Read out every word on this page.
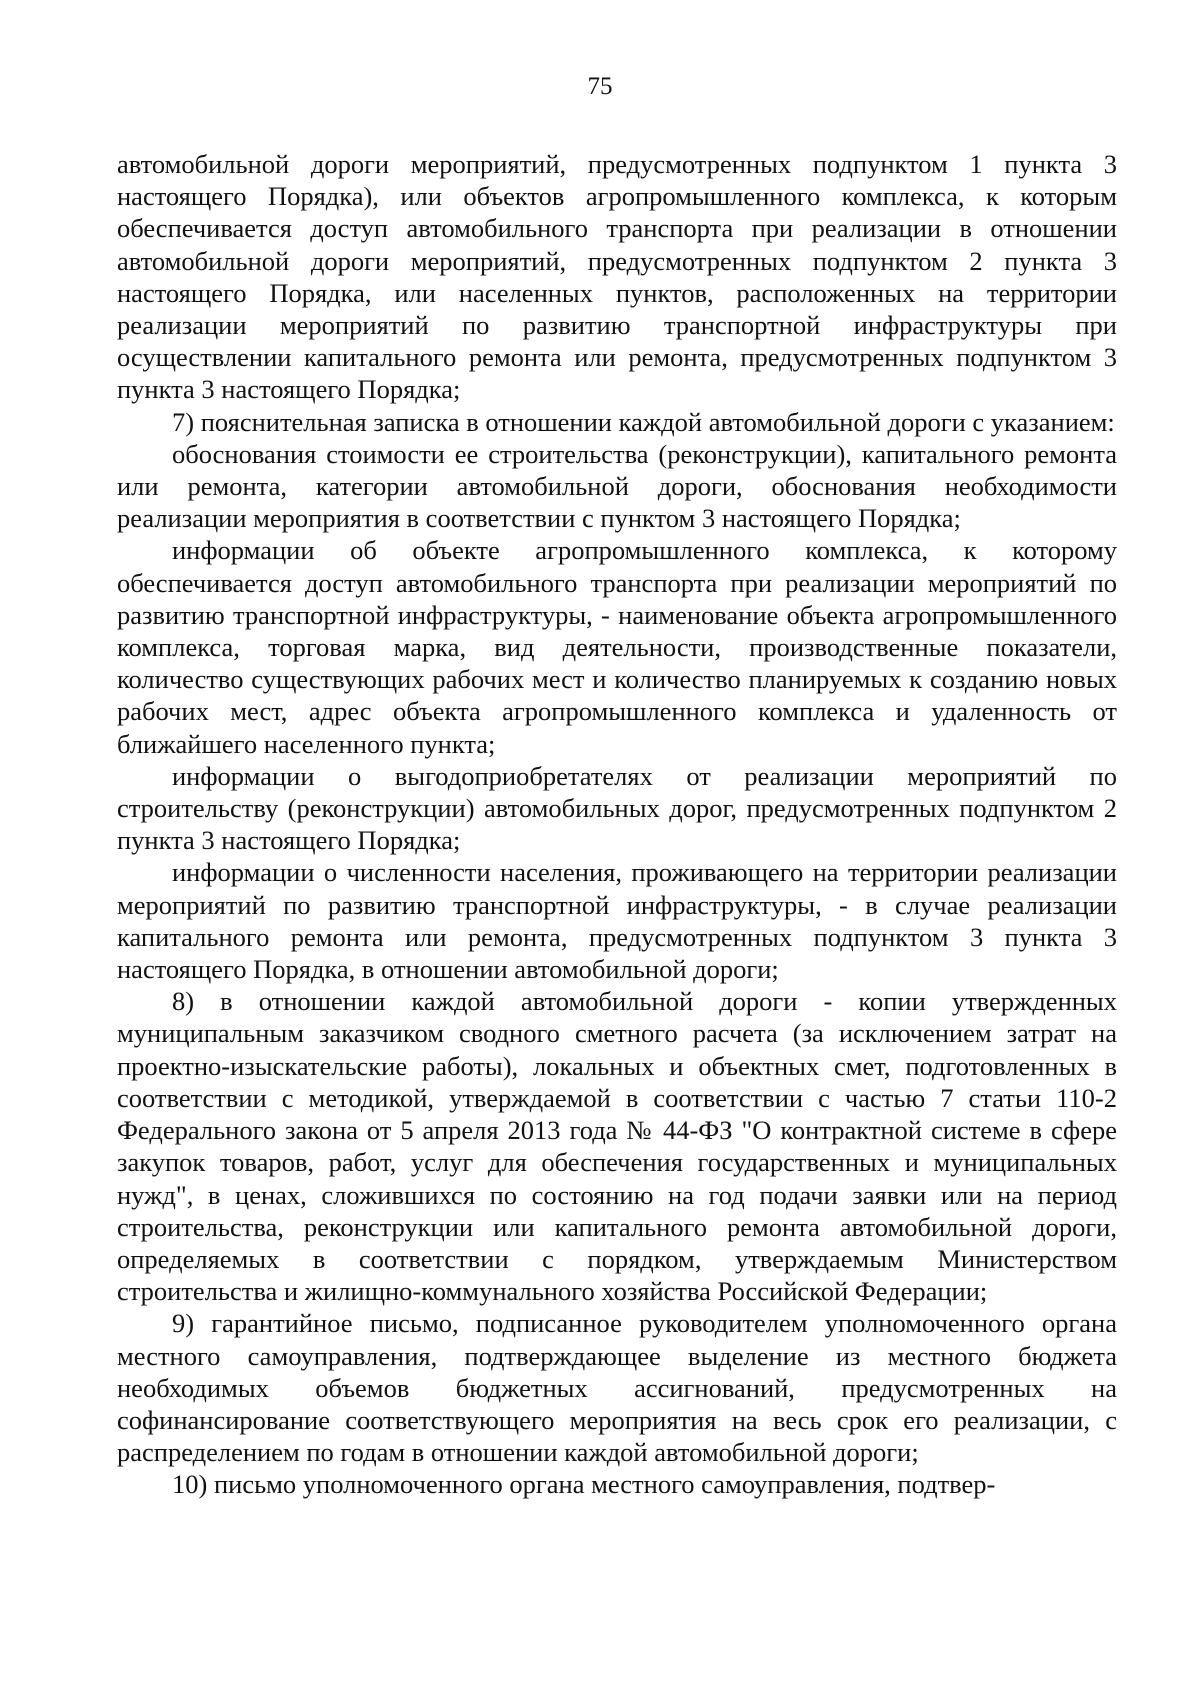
75

автомобильной дороги мероприятий, предусмотренных подпунктом 1 пункта 3 настоящего Порядка), или объектов агропромышленного комплекса, к которым обеспечивается доступ автомобильного транспорта при реализации в отношении автомобильной дороги мероприятий, предусмотренных подпунктом 2 пункта 3 настоящего Порядка, или населенных пунктов, расположенных на территории реализации мероприятий по развитию транспортной инфраструктуры при осуществлении капитального ремонта или ремонта, предусмотренных подпунктом 3 пункта 3 настоящего Порядка;

7) пояснительная записка в отношении каждой автомобильной дороги с указанием:

обоснования стоимости ее строительства (реконструкции), капитального ремонта или ремонта, категории автомобильной дороги, обоснования необходимости реализации мероприятия в соответствии с пунктом 3 настоящего Порядка;

информации об объекте агропромышленного комплекса, к которому обеспечивается доступ автомобильного транспорта при реализации мероприятий по развитию транспортной инфраструктуры, - наименование объекта агропромышленного комплекса, торговая марка, вид деятельности, производственные показатели, количество существующих рабочих мест и количество планируемых к созданию новых рабочих мест, адрес объекта агропромышленного комплекса и удаленность от ближайшего населенного пункта;

информации о выгодоприобретателях от реализации мероприятий по строительству (реконструкции) автомобильных дорог, предусмотренных подпунктом 2 пункта 3 настоящего Порядка;

информации о численности населения, проживающего на территории реализации мероприятий по развитию транспортной инфраструктуры, - в случае реализации капитального ремонта или ремонта, предусмотренных подпунктом 3 пункта 3 настоящего Порядка, в отношении автомобильной дороги;

8) в отношении каждой автомобильной дороги - копии утвержденных муниципальным заказчиком сводного сметного расчета (за исключением затрат на проектно-изыскательские работы), локальных и объектных смет, подготовленных в соответствии с методикой, утверждаемой в соответствии с частью 7 статьи 110-2 Федерального закона от 5 апреля 2013 года № 44-ФЗ "О контрактной системе в сфере закупок товаров, работ, услуг для обеспечения государственных и муниципальных нужд", в ценах, сложившихся по состоянию на год подачи заявки или на период строительства, реконструкции или капитального ремонта автомобильной дороги, определяемых в соответствии с порядком, утверждаемым Министерством строительства и жилищно-коммунального хозяйства Российской Федерации;

9) гарантийное письмо, подписанное руководителем уполномоченного органа местного самоуправления, подтверждающее выделение из местного бюджета необходимых объемов бюджетных ассигнований, предусмотренных на софинансирование соответствующего мероприятия на весь срок его реализации, с распределением по годам в отношении каждой автомобильной дороги;

10) письмо уполномоченного органа местного самоуправления, подтвер-
